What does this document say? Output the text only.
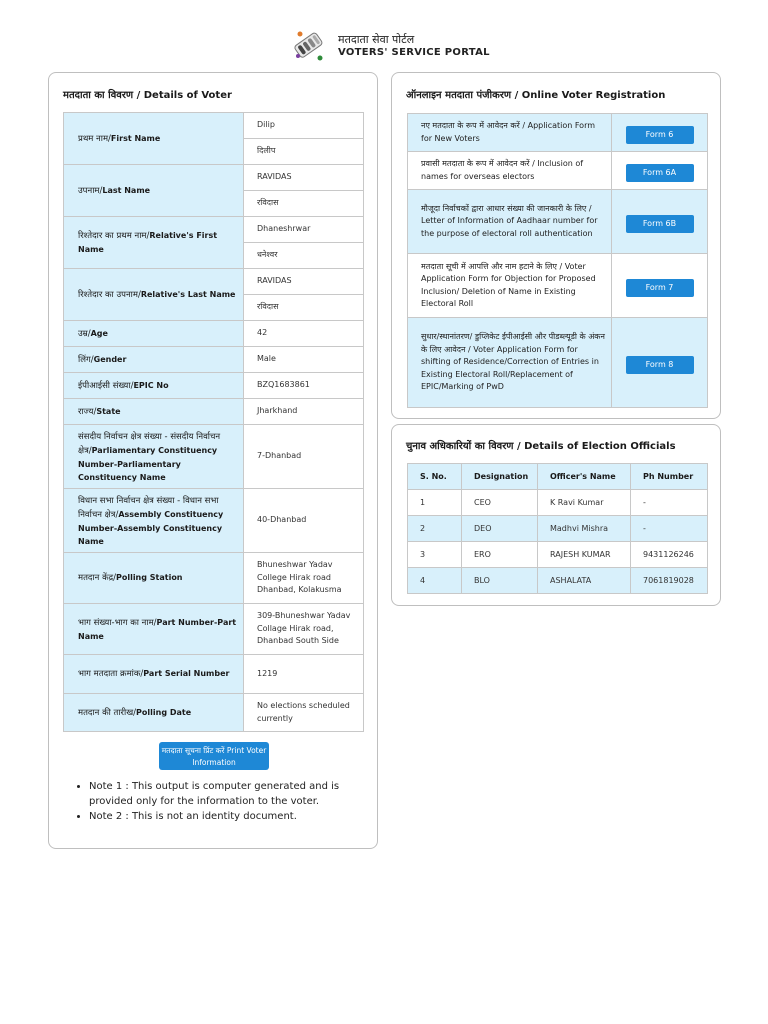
मतदाता सेवा पोर्टल
VOTERS' SERVICE PORTAL
मतदाता का विवरण / Details of Voter
प्रथम नाम/First Name	Dilip
	दिलीप
उपनाम/Last Name	RAVIDAS
	रविदास
रिश्तेदार का प्रथम नाम/Relative's First Name	Dhaneshrwar
	धनेश्वर
रिश्तेदार का उपनाम/Relative's Last Name	RAVIDAS
	रविदास
उम्र/Age	42
लिंग/Gender	Male
ईपीआईसी संख्या/EPIC No	BZQ1683861
राज्य/State	Jharkhand
संसदीय निर्वाचन क्षेत्र संख्या - संसदीय निर्वाचन क्षेत्र/Parliamentary Constituency Number-Parliamentary Constituency Name	7-Dhanbad
विधान सभा निर्वाचन क्षेत्र संख्या - विधान सभा निर्वाचन क्षेत्र/Assembly Constituency Number-Assembly Constituency Name	40-Dhanbad
मतदान केंद्र/Polling Station	Bhuneshwar Yadav College Hirak road Dhanbad, Kolakusma
भाग संख्या-भाग का नाम/Part Number-Part Name	309-Bhuneshwar Yadav Collage Hirak road, Dhanbad South Side
भाग मतदाता क्रमांक/Part Serial Number	1219
मतदान की तारीख/Polling Date	No elections scheduled currently
मतदाता सूचना प्रिंट करें Print Voter Information
• Note 1 : This output is computer generated and is provided only for the information to the voter.
• Note 2 : This is not an identity document.
ऑनलाइन मतदाता पंजीकरण / Online Voter Registration
नए मतदाता के रूप में आवेदन करें / Application Form for New Voters	Form 6
प्रवासी मतदाता के रूप में आवेदन करें / Inclusion of names for overseas electors	Form 6A
मौजूदा निर्वाचकों द्वारा आधार संख्या की जानकारी के लिए / Letter of Information of Aadhaar number for the purpose of electoral roll authentication	Form 6B
मतदाता सूची में आपत्ति और नाम हटाने के लिए / Voter Application Form for Objection for Proposed Inclusion/ Deletion of Name in Existing Electoral Roll	Form 7
सुधार/स्थानांतरण/ डुप्लिकेट ईपीआईसी और पीडब्ल्यूडी के अंकन के लिए आवेदन / Voter Application Form for shifting of Residence/Correction of Entries in Existing Electoral Roll/Replacement of EPIC/Marking of PwD	Form 8
चुनाव अधिकारियों का विवरण / Details of Election Officials
S. No.	Designation	Officer's Name	Ph Number
1	CEO	K Ravi Kumar	-
2	DEO	Madhvi Mishra	-
3	ERO	RAJESH KUMAR	9431126246
4	BLO	ASHALATA	7061819028
